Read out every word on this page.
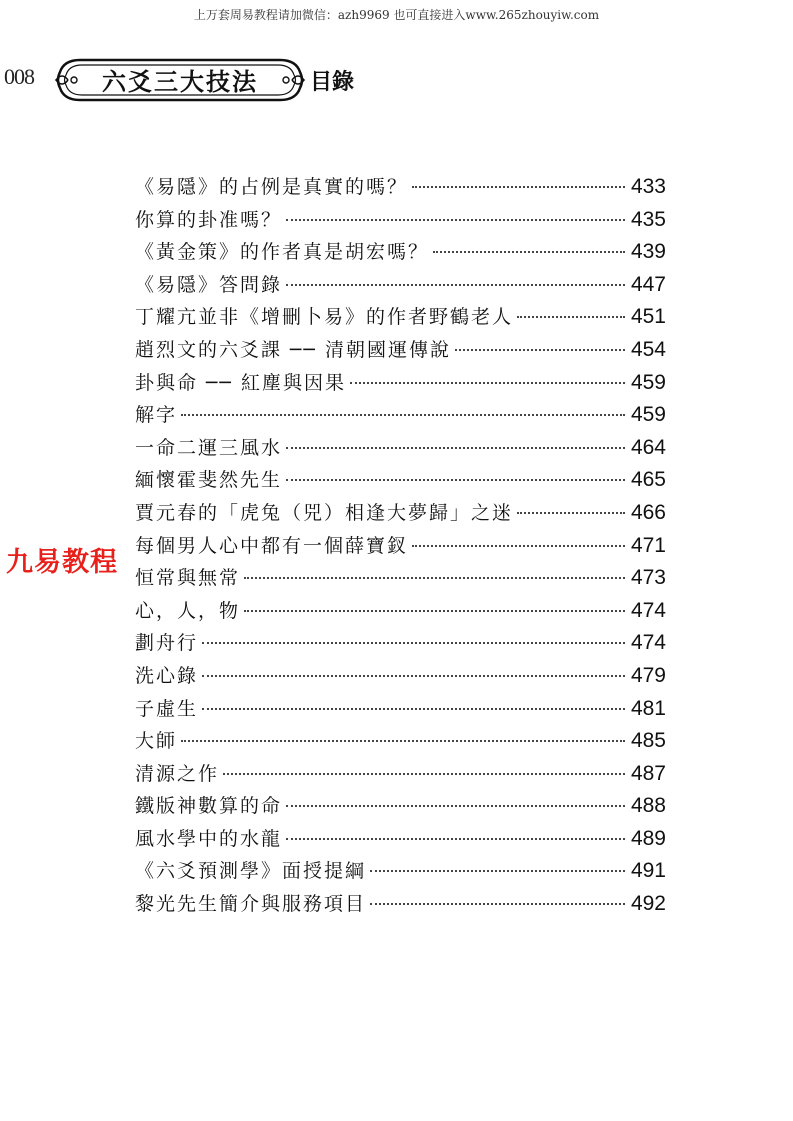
上万套周易教程请加微信：azh9969 也可直接进入www.265zhouyiw.com
008	六爻三大技法	目錄
《易隱》的占例是真實的嗎？	433
你算的卦准嗎？	435
《黃金策》的作者真是胡宏嗎？	439
《易隱》答問錄	447
丁耀亢並非《增刪卜易》的作者野鶴老人	451
趙烈文的六爻課 ── 清朝國運傳說	454
卦與命 ── 紅塵與因果	459
解字	459
一命二運三風水	464
緬懷霍斐然先生	465
賈元春的「虎兔（兕）相逢大夢歸」之迷	466
每個男人心中都有一個薛寶釵	471
恒常與無常	473
心，人，物	474
劃舟行	474
洗心錄	479
子虛生	481
大師	485
清源之作	487
鐵版神數算的命	488
風水學中的水龍	489
《六爻預測學》面授提綱	491
黎光先生簡介與服務項目	492
九易教程
